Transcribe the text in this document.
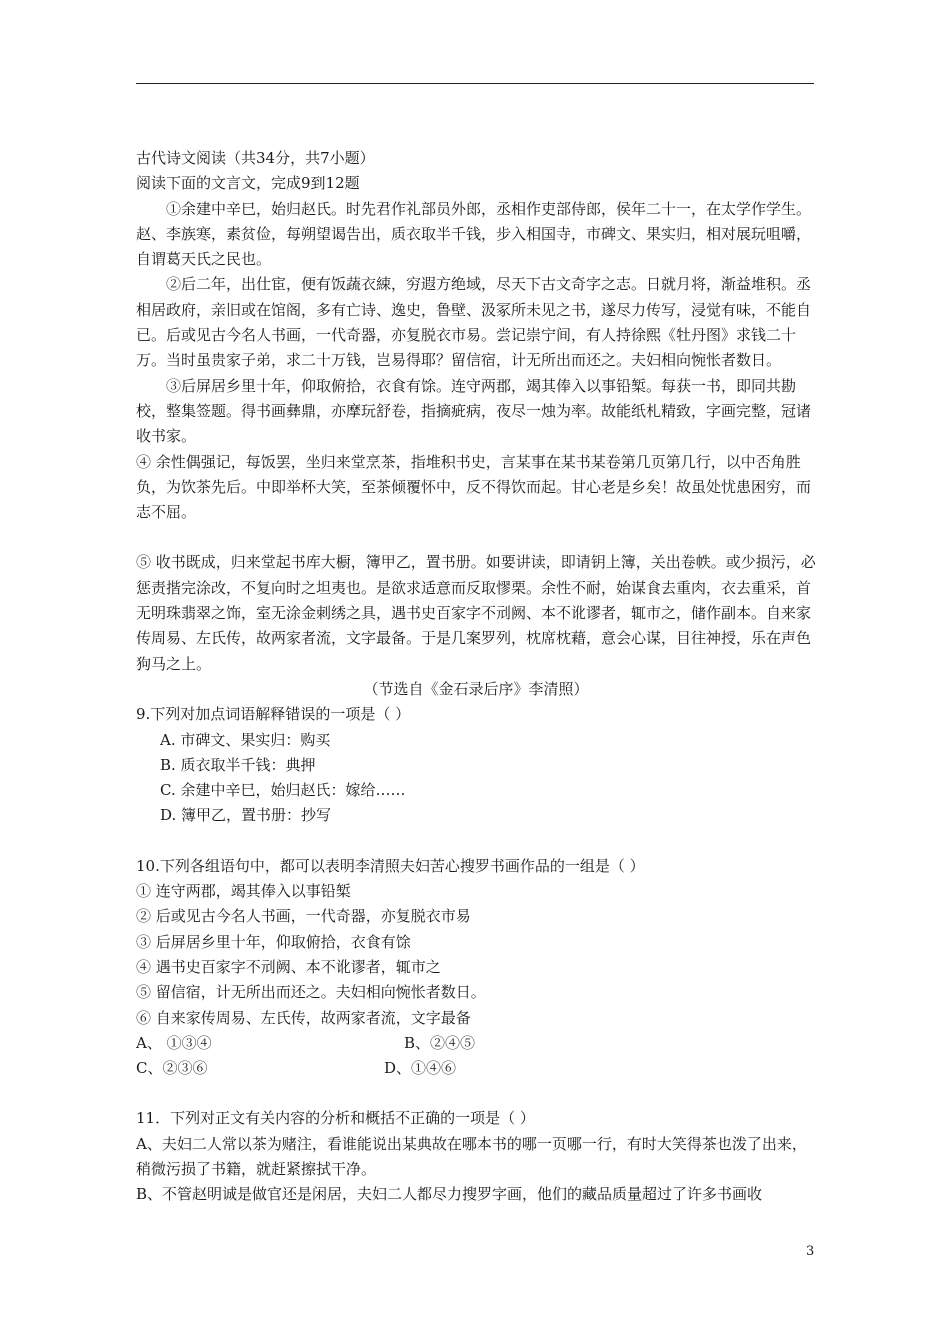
古代诗文阅读（共34分，共7小题）

阅读下面的文言文，完成9到12题

①余建中辛巳，始归赵氏。时先君作礼部员外郎，丞相作吏部侍郎，侯年二十一，在太学作学生。赵、李族寒，素贫俭，每朔望谒告出，质衣取半千钱，步入相国寺，市碑文、果实归，相对展玩咀嚼，自谓葛天氏之民也。

②后二年，出仕宦，便有饭蔬衣綀，穷遐方绝域，尽天下古文奇字之志。日就月将，渐益堆积。丞相居政府，亲旧或在馆阁，多有亡诗、逸史，鲁壁、汲冢所未见之书，遂尽力传写，浸觉有味，不能自已。后或见古今名人书画，一代奇器，亦复脱衣市易。尝记崇宁间，有人持徐熙《牡丹图》求钱二十万。当时虽贵家子弟，求二十万钱，岂易得耶？留信宿，计无所出而还之。夫妇相向惋怅者数日。

③后屏居乡里十年，仰取俯拾，衣食有馀。连守两郡，竭其俸入以事铅椠。每获一书，即同共勘校，整集签题。得书画彝鼎，亦摩玩舒卷，指摘疵病，夜尽一烛为率。故能纸札精致，字画完整，冠诸收书家。

④ 余性偶强记，每饭罢，坐归来堂烹茶，指堆积书史，言某事在某书某卷第几页第几行，以中否角胜负，为饮茶先后。中即举杯大笑，至茶倾覆怀中，反不得饮而起。甘心老是乡矣！故虽处忧患困穷，而志不屈。

⑤ 收书既成，归来堂起书库大橱，簿甲乙，置书册。如要讲读，即请钥上簿，关出卷帙。或少损污，必惩责揩完涂改，不复向时之坦夷也。是欲求适意而反取憀栗。余性不耐，始谋食去重肉，衣去重采，首无明珠翡翠之饰，室无涂金刺绣之具，遇书史百家字不刓阙、本不讹谬者，辄市之，储作副本。自来家传周易、左氏传，故两家者流，文字最备。于是几案罗列，枕席枕藉，意会心谋，目往神授，乐在声色狗马之上。

（节选自《金石录后序》李清照）

9.下列对加点词语解释错误的一项是（ ）

A. 市碑文、果实归：购买

B. 质衣取半千钱：典押

C. 余建中辛巳，始归赵氏：嫁给……

D. 簿甲乙，置书册：抄写

10.下列各组语句中，都可以表明李清照夫妇苦心搜罗书画作品的一组是（ ）

① 连守两郡，竭其俸入以事铅椠

② 后或见古今名人书画，一代奇器，亦复脱衣市易

③ 后屏居乡里十年，仰取俯拾，衣食有馀

④ 遇书史百家字不刓阙、本不讹谬者，辄市之

⑤ 留信宿，计无所出而还之。夫妇相向惋怅者数日。

⑥ 自来家传周易、左氏传，故两家者流，文字最备

A、 ①③④	B、②④⑤
C、②③⑥	D、①④⑥

11．下列对正文有关内容的分析和概括不正确的一项是（ ）

A、夫妇二人常以茶为赌注，看谁能说出某典故在哪本书的哪一页哪一行，有时大笑得茶也泼了出来，稍微污损了书籍，就赶紧擦拭干净。

B、不管赵明诚是做官还是闲居，夫妇二人都尽力搜罗字画，他们的藏品质量超过了许多书画收

3
